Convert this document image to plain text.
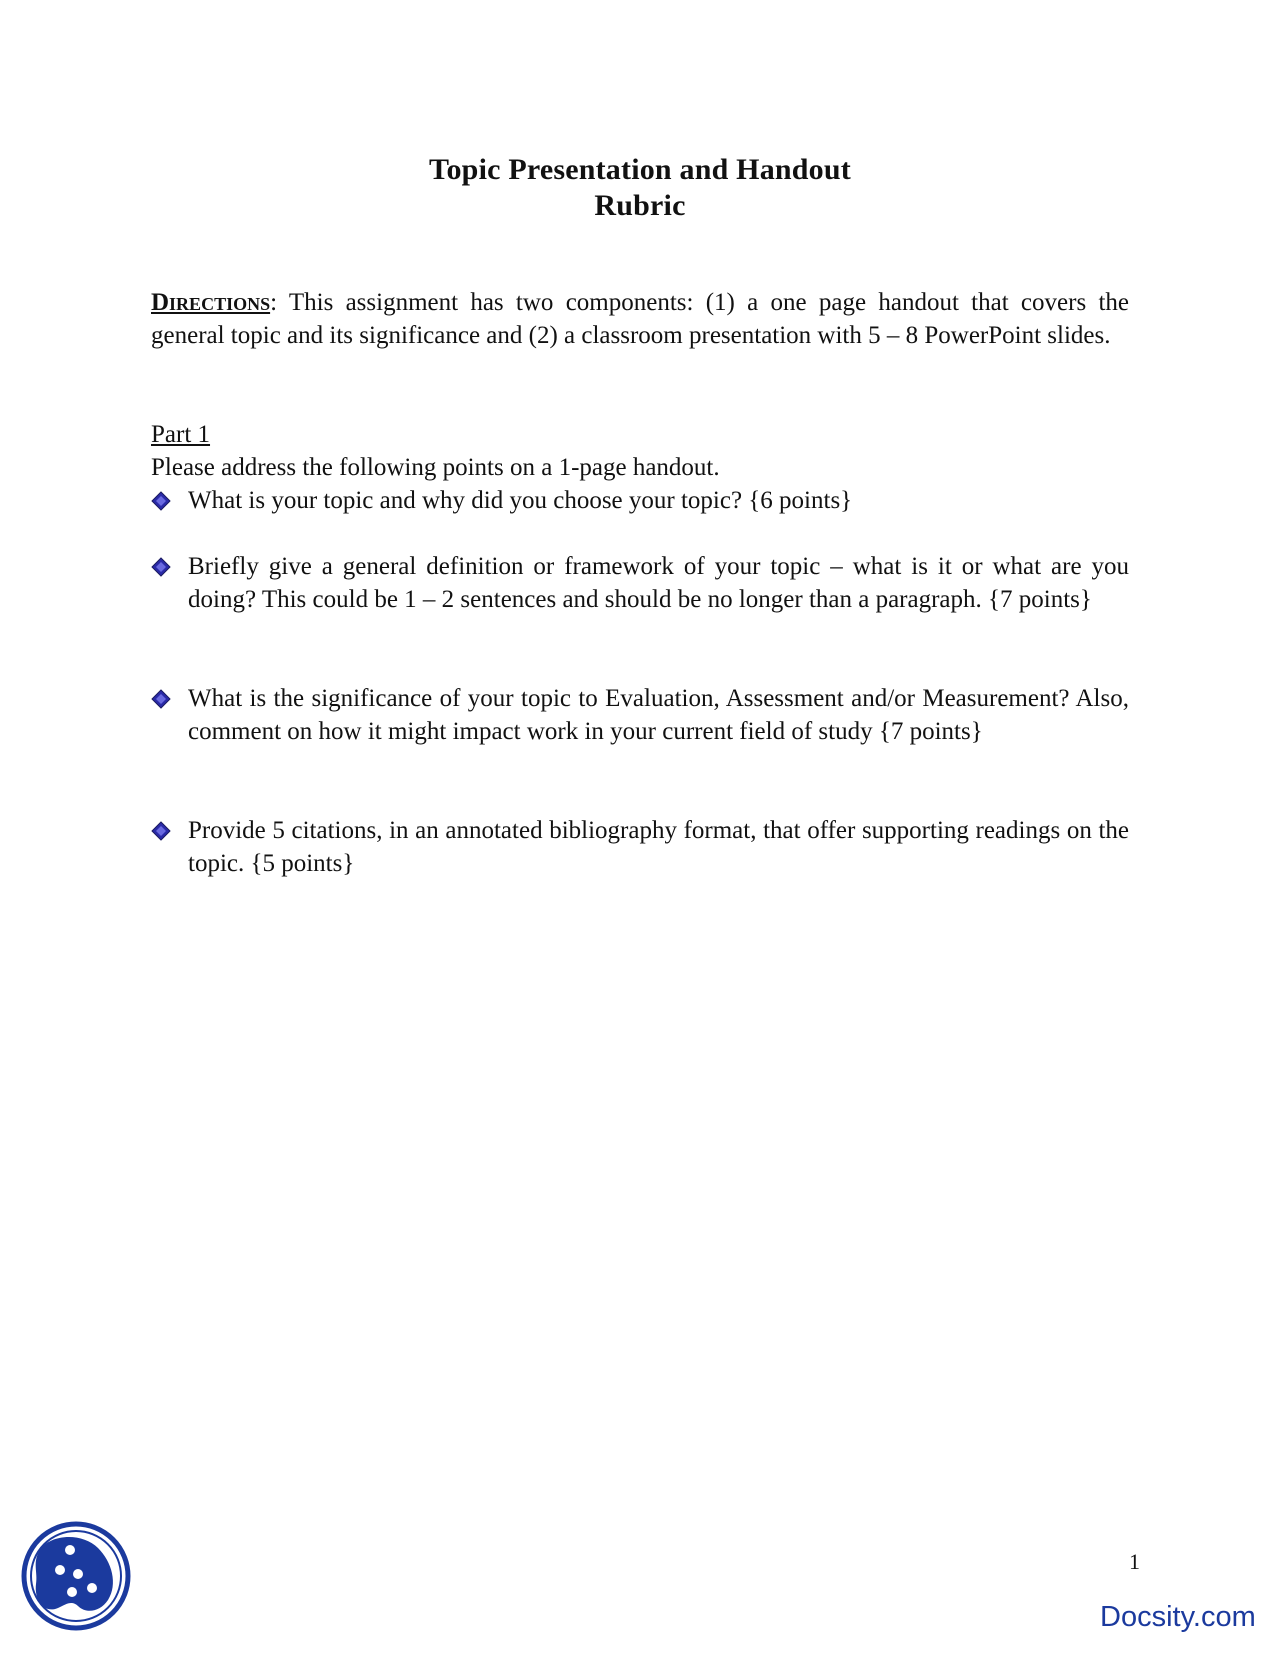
Topic Presentation and Handout
Rubric
Directions: This assignment has two components: (1) a one page handout that covers the general topic and its significance and (2) a classroom presentation with 5 – 8 PowerPoint slides.
Part 1
Please address the following points on a 1-page handout.
What is your topic and why did you choose your topic? {6 points}
Briefly give a general definition or framework of your topic – what is it or what are you doing? This could be 1 – 2 sentences and should be no longer than a paragraph. {7 points}
What is the significance of your topic to Evaluation, Assessment and/or Measurement? Also, comment on how it might impact work in your current field of study {7 points}
Provide 5 citations, in an annotated bibliography format, that offer supporting readings on the topic. {5 points}
1
Docsity.com
